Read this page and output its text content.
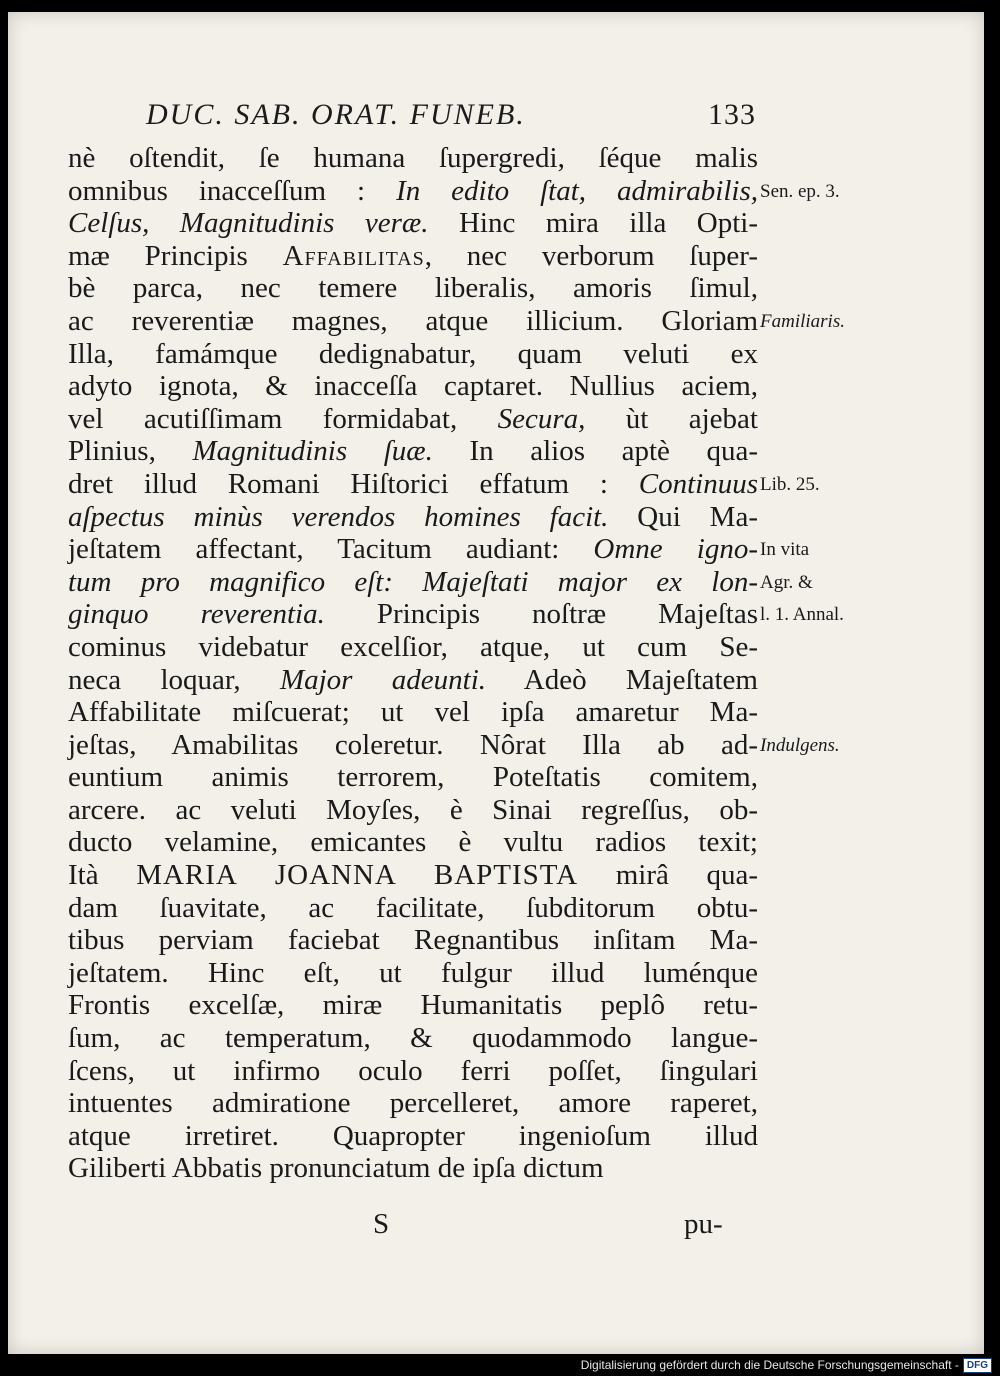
DUC. SAB. ORAT. FUNEB.	133
nè oſtendit, ſe humana ſupergredi, ſéque malis
omnibus inacceſſum : In edito ſtat, admirabilis,
Celſus, Magnitudinis veræ. Hinc mira illa Opti-
mæ Principis Affabilitas, nec verborum ſuper-
bè parca, nec temere liberalis, amoris ſimul,
ac reverentiæ magnes, atque illicium. Gloriam
Illa, famámque dedignabatur, quam veluti ex
adyto ignota, & inacceſſa captaret. Nullius aciem,
vel acutiſſimam formidabat, Secura, ùt ajebat
Plinius, Magnitudinis ſuæ. In alios aptè qua-
dret illud Romani Hiſtorici effatum : Continuus
aſpectus minùs verendos homines facit. Qui Ma-
jeſtatem affectant, Tacitum audiant: Omne igno-
tum pro magnifico eſt: Majeſtati major ex lon-
ginquo reverentia. Principis noſtræ Majeſtas
cominus videbatur excelſior, atque, ut cum Se-
neca loquar, Major adeunti. Adeò Majeſtatem
Affabilitate miſcuerat; ut vel ipſa amaretur Ma-
jeſtas, Amabilitas coleretur. Nôrat Illa ab ad-
euntium animis terrorem, Poteſtatis comitem,
arcere. ac veluti Moyſes, è Sinai regreſſus, ob-
ducto velamine, emicantes è vultu radios texit;
Ità MARIA JOANNA BAPTISTA mirâ qua-
dam ſuavitate, ac facilitate, ſubditorum obtu-
tibus perviam faciebat Regnantibus inſitam Ma-
jeſtatem. Hinc eſt, ut fulgur illud luménque
Frontis excelſæ, miræ Humanitatis peplô retu-
ſum, ac temperatum, & quodammodo langue-
ſcens, ut infirmo oculo ferri poſſet, ſingulari
intuentes admiratione percelleret, amore raperet,
atque irretiret. Quapropter ingenioſum illud
Giliberti Abbatis pronunciatum de ipſa dictum
Sen. ep. 3.
Familiaris.
Lib. 25.
In vita
Agr. &
l. 1. Annal.
Indulgens.
S	pu-
Digitalisierung gefördert durch die Deutsche Forschungsgemeinschaft - DFG
